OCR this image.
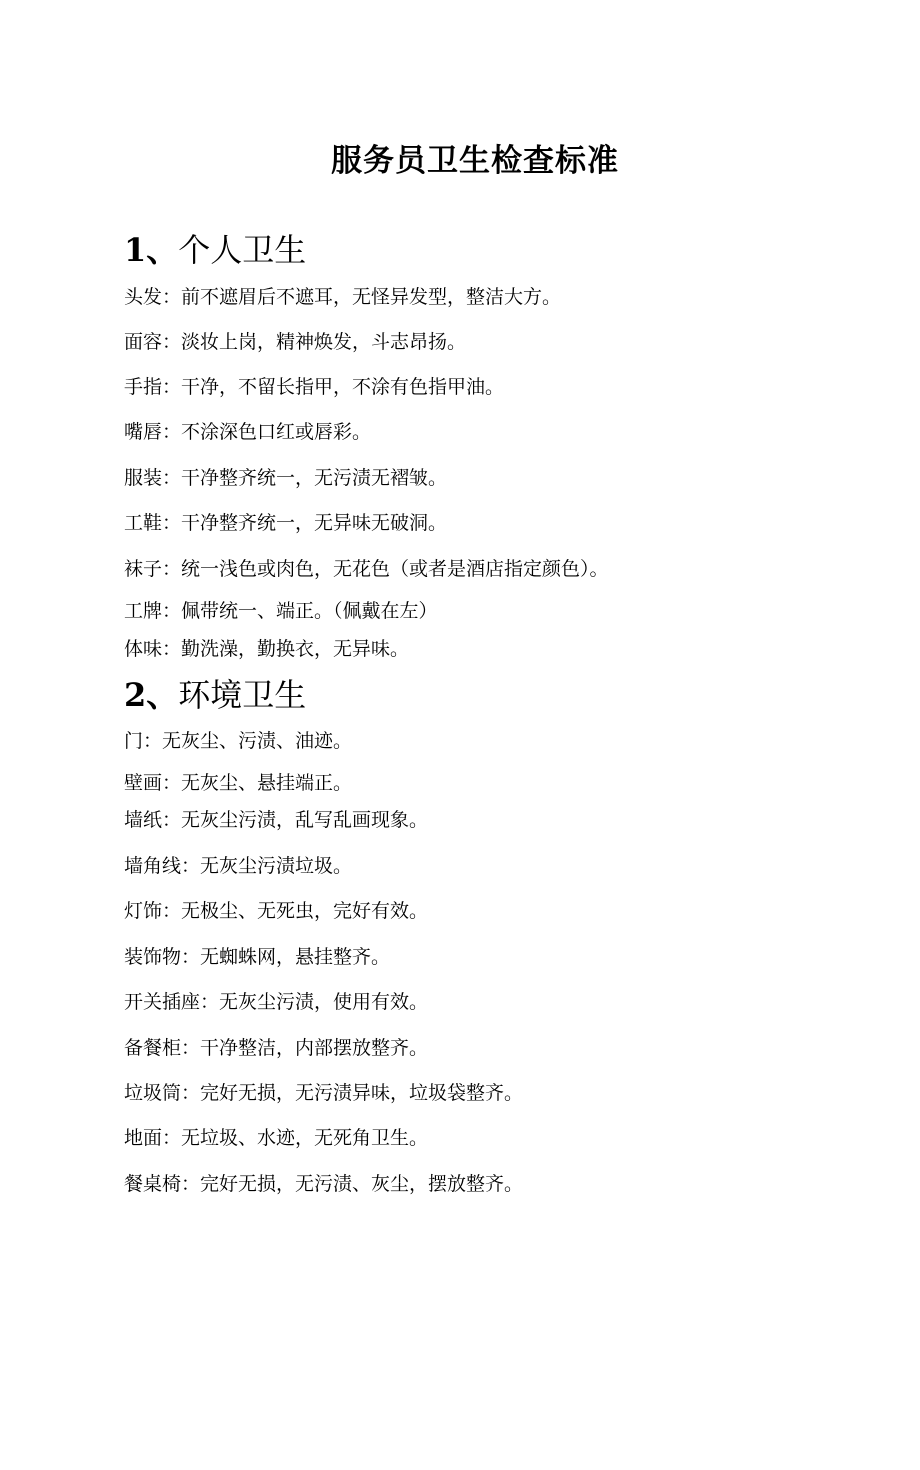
服务员卫生检查标准
1、个人卫生
头发：前不遮眉后不遮耳，无怪异发型，整洁大方。
面容：淡妆上岗，精神焕发，斗志昂扬。
手指：干净，不留长指甲，不涂有色指甲油。
嘴唇：不涂深色口红或唇彩。
服装：干净整齐统一，无污渍无褶皱。
工鞋：干净整齐统一，无异味无破洞。
袜子：统一浅色或肉色，无花色（或者是酒店指定颜色）。
工牌：佩带统一、端正。（佩戴在左）
体味：勤洗澡，勤换衣，无异味。
2、环境卫生
门：无灰尘、污渍、油迹。
壁画：无灰尘、悬挂端正。
墙纸：无灰尘污渍，乱写乱画现象。
墙角线：无灰尘污渍垃圾。
灯饰：无极尘、无死虫，完好有效。
装饰物：无蜘蛛网，悬挂整齐。
开关插座：无灰尘污渍，使用有效。
备餐柜：干净整洁，内部摆放整齐。
垃圾筒：完好无损，无污渍异味，垃圾袋整齐。
地面：无垃圾、水迹，无死角卫生。
餐桌椅：完好无损，无污渍、灰尘，摆放整齐。
